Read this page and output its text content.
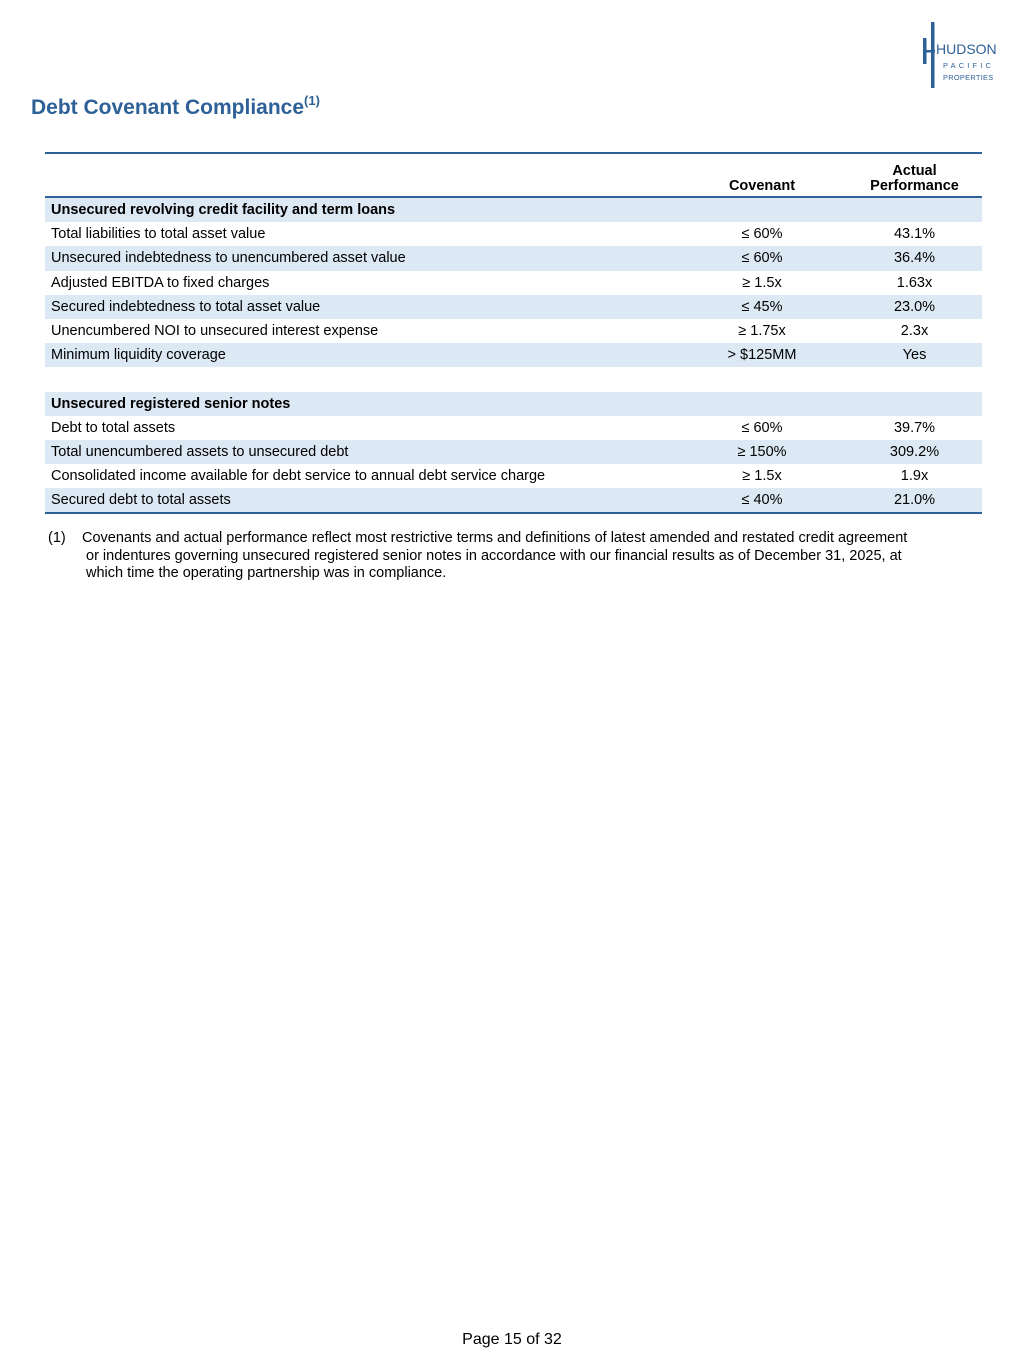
HUDSON
PACIFIC
PROPERTIES
Debt Covenant Compliance$^{(1)}$

	Covenant	Actual
Performance
Unsecured revolving credit facility and term loans		
Total liabilities to total asset value	≤ 60%	43.1%
Unsecured indebtedness to unencumbered asset value	≤ 60%	36.4%
Adjusted EBITDA to fixed charges	≥ 1.5x	1.63x
Secured indebtedness to total asset value	≤ 45%	23.0%
Unencumbered NOI to unsecured interest expense	≥ 1.75x	2.3x
Minimum liquidity coverage	> $125MM	Yes

Unsecured registered senior notes		
Debt to total assets	≤ 60%	39.7%
Total unencumbered assets to unsecured debt	≥ 150%	309.2%
Consolidated income available for debt service to annual debt service charge	≥ 1.5x	1.9x
Secured debt to total assets	≤ 40%	21.0%
(1)	Covenants and actual performance reflect most restrictive terms and definitions of latest amended and restated credit agreement
or indentures governing unsecured registered senior notes in accordance with our financial results as of December 31, 2025, at
which time the operating partnership was in compliance.
Page 15 of 32
